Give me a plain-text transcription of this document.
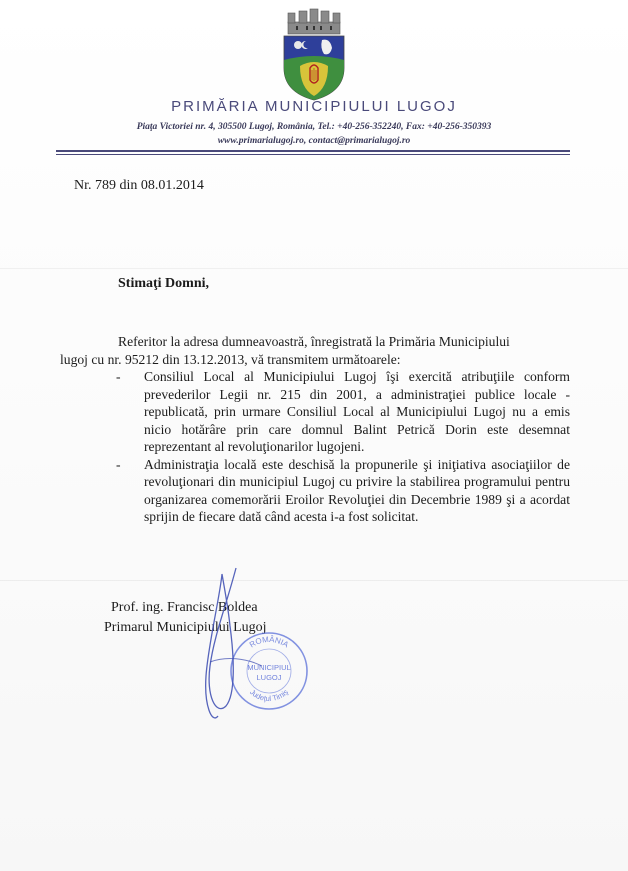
PRIMĂRIA MUNICIPIULUI LUGOJ
Piaţa Victoriei nr. 4, 305500 Lugoj, România, Tel.: +40-256-352240, Fax: +40-256-350393
www.primarialugoj.ro, contact@primarialugoj.ro
Nr. 789 din 08.01.2014
Stimaţi Domni,

Referitor la adresa dumneavoastră, înregistrată la Primăria Municipiului

lugoj cu nr. 95212 din 13.12.2013, vă transmitem următoarele:

- Consiliul Local al Municipiului Lugoj îşi exercită atribuţiile conform prevederilor Legii nr. 215 din 2001, a administraţiei publice locale - republicată, prin urmare Consiliul Local al Municipiului Lugoj nu a emis nicio hotărâre prin care domnul Balint Petrică Dorin este desemnat reprezentant al revoluţionarilor lugojeni.
- Administraţia locală este deschisă la propunerile şi iniţiativa asociaţiilor de revoluţionari din municipiul Lugoj cu privire la stabilirea programului pentru organizarea comemorării Eroilor Revoluţiei din Decembrie 1989 şi a acordat sprijin de fiecare dată când acesta i-a fost solicitat.
Prof. ing. Francisc Boldea
Primarul Municipiului Lugoj
ROMÂNIA
MUNICIPIUL
LUGOJ
Judeţul Timiş
